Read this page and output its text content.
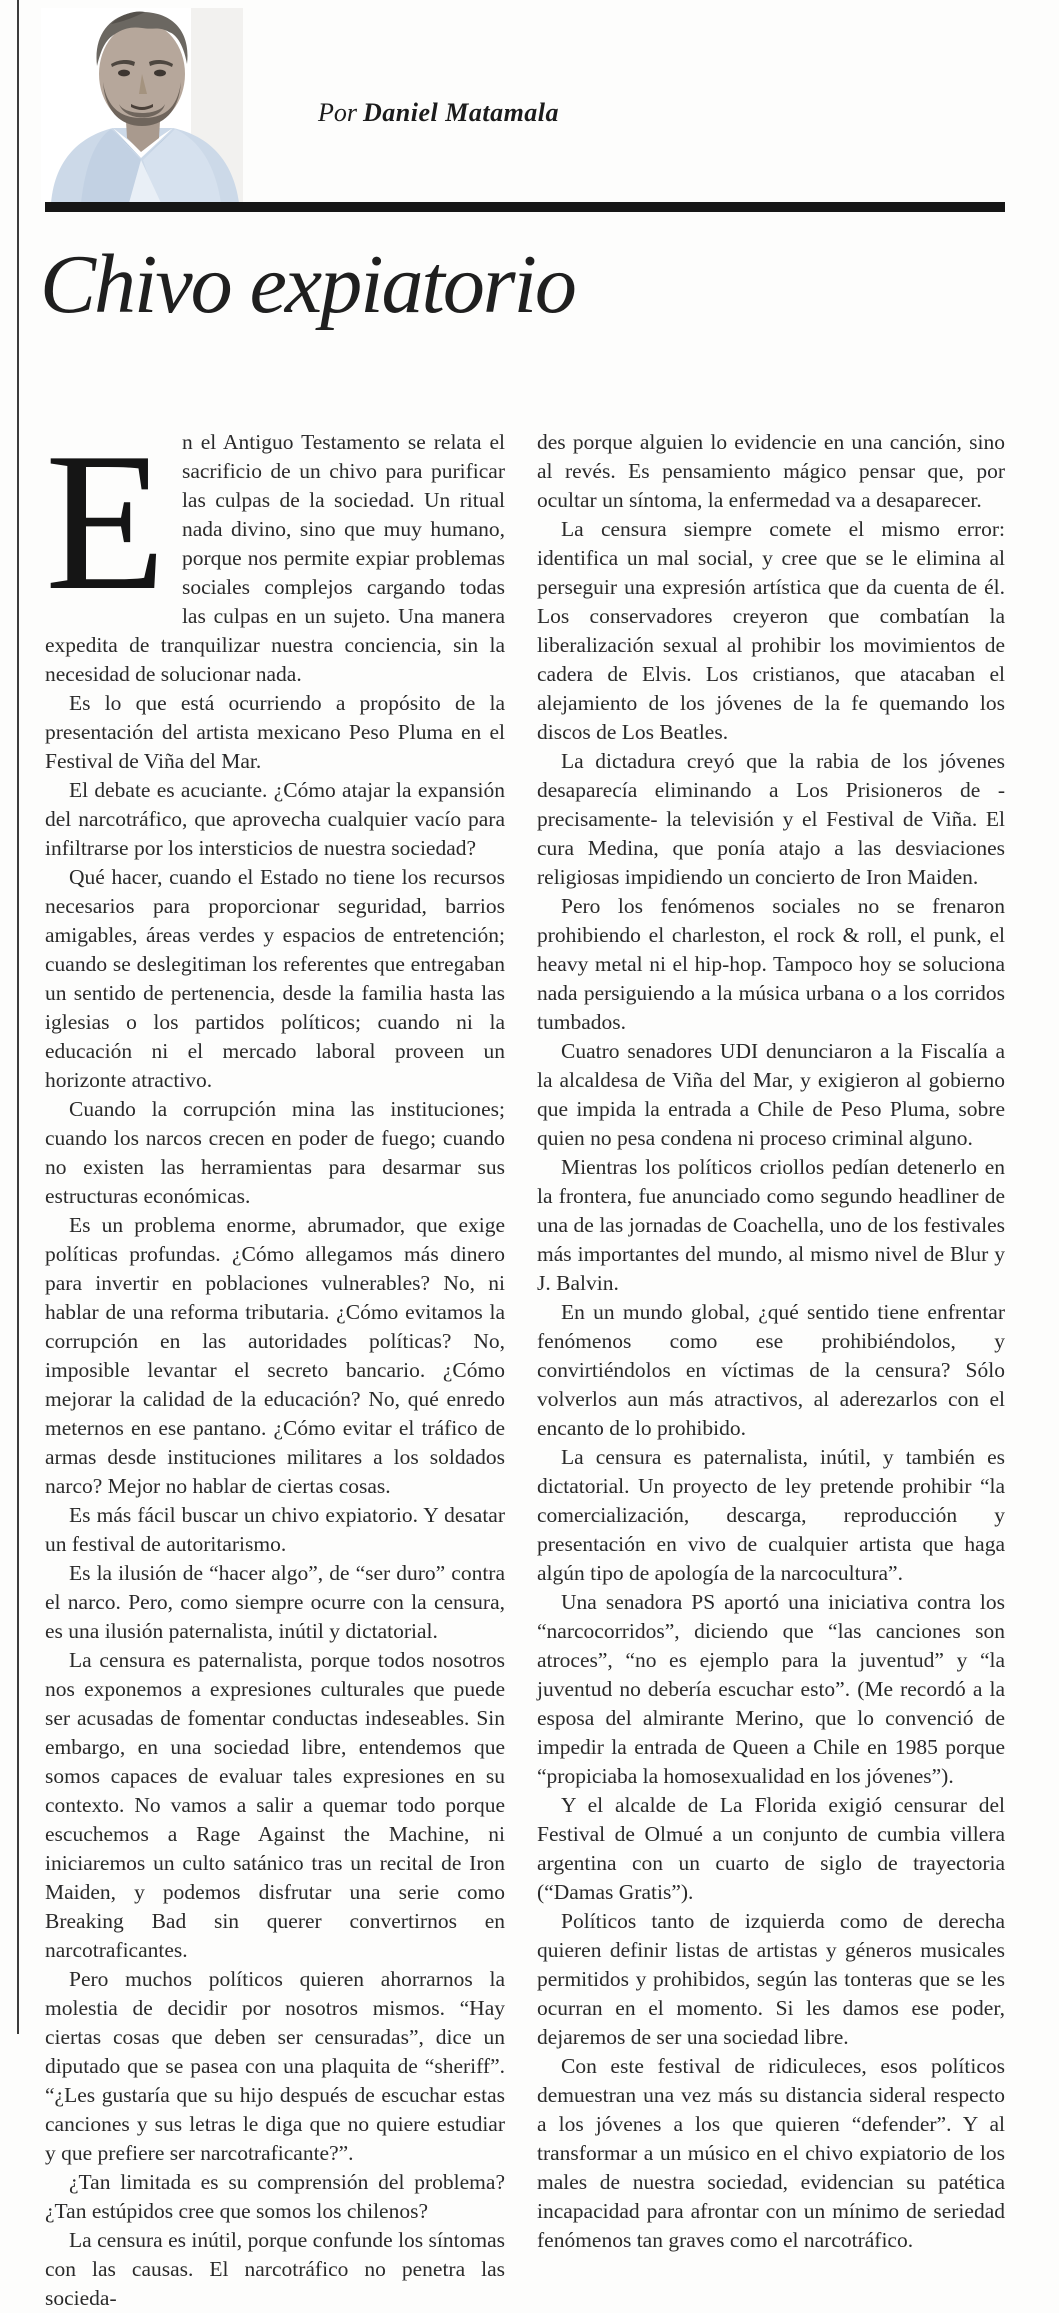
Por Daniel Matamala
Chivo expiatorio

En el Antiguo Testamento se relata el sacrificio de un chivo para purificar las culpas de la sociedad. Un ritual nada divino, sino que muy humano, porque nos permite expiar problemas sociales complejos cargando todas las culpas en un sujeto. Una manera expedita de tranquilizar nuestra conciencia, sin la necesidad de solucionar nada.

Es lo que está ocurriendo a propósito de la presentación del artista mexicano Peso Pluma en el Festival de Viña del Mar.

El debate es acuciante. ¿Cómo atajar la expansión del narcotráfico, que aprovecha cualquier vacío para infiltrarse por los intersticios de nuestra sociedad?

Qué hacer, cuando el Estado no tiene los recursos necesarios para proporcionar seguridad, barrios amigables, áreas verdes y espacios de entretención; cuando se deslegitiman los referentes que entregaban un sentido de pertenencia, desde la familia hasta las iglesias o los partidos políticos; cuando ni la educación ni el mercado laboral proveen un horizonte atractivo.

Cuando la corrupción mina las instituciones; cuando los narcos crecen en poder de fuego; cuando no existen las herramientas para desarmar sus estructuras económicas.

Es un problema enorme, abrumador, que exige políticas profundas. ¿Cómo allegamos más dinero para invertir en poblaciones vulnerables? No, ni hablar de una reforma tributaria. ¿Cómo evitamos la corrupción en las autoridades políticas? No, imposible levantar el secreto bancario. ¿Cómo mejorar la calidad de la educación? No, qué enredo meternos en ese pantano. ¿Cómo evitar el tráfico de armas desde instituciones militares a los soldados narco? Mejor no hablar de ciertas cosas.

Es más fácil buscar un chivo expiatorio. Y desatar un festival de autoritarismo.

Es la ilusión de “hacer algo”, de “ser duro” contra el narco. Pero, como siempre ocurre con la censura, es una ilusión paternalista, inútil y dictatorial.

La censura es paternalista, porque todos nosotros nos exponemos a expresiones culturales que puede ser acusadas de fomentar conductas indeseables. Sin embargo, en una sociedad libre, entendemos que somos capaces de evaluar tales expresiones en su contexto. No vamos a salir a quemar todo porque escuchemos a Rage Against the Machine, ni iniciaremos un culto satánico tras un recital de Iron Maiden, y podemos disfrutar una serie como Breaking Bad sin querer convertirnos en narcotraficantes.

Pero muchos políticos quieren ahorrarnos la molestia de decidir por nosotros mismos. “Hay ciertas cosas que deben ser censuradas”, dice un diputado que se pasea con una plaquita de “sheriff”. “¿Les gustaría que su hijo después de escuchar estas canciones y sus letras le diga que no quiere estudiar y que prefiere ser narcotraficante?”.

¿Tan limitada es su comprensión del problema? ¿Tan estúpidos cree que somos los chilenos?

La censura es inútil, porque confunde los síntomas con las causas. El narcotráfico no penetra las socieda-

des porque alguien lo evidencie en una canción, sino al revés. Es pensamiento mágico pensar que, por ocultar un síntoma, la enfermedad va a desaparecer.

La censura siempre comete el mismo error: identifica un mal social, y cree que se le elimina al perseguir una expresión artística que da cuenta de él. Los conservadores creyeron que combatían la liberalización sexual al prohibir los movimientos de cadera de Elvis. Los cristianos, que atacaban el alejamiento de los jóvenes de la fe quemando los discos de Los Beatles.

La dictadura creyó que la rabia de los jóvenes desaparecía eliminando a Los Prisioneros de -precisamente- la televisión y el Festival de Viña. El cura Medina, que ponía atajo a las desviaciones religiosas impidiendo un concierto de Iron Maiden.

Pero los fenómenos sociales no se frenaron prohibiendo el charleston, el rock & roll, el punk, el heavy metal ni el hip-hop. Tampoco hoy se soluciona nada persiguiendo a la música urbana o a los corridos tumbados.

Cuatro senadores UDI denunciaron a la Fiscalía a la alcaldesa de Viña del Mar, y exigieron al gobierno que impida la entrada a Chile de Peso Pluma, sobre quien no pesa condena ni proceso criminal alguno.

Mientras los políticos criollos pedían detenerlo en la frontera, fue anunciado como segundo headliner de una de las jornadas de Coachella, uno de los festivales más importantes del mundo, al mismo nivel de Blur y J. Balvin.

En un mundo global, ¿qué sentido tiene enfrentar fenómenos como ese prohibiéndolos, y convirtiéndolos en víctimas de la censura? Sólo volverlos aun más atractivos, al aderezarlos con el encanto de lo prohibido.

La censura es paternalista, inútil, y también es dictatorial. Un proyecto de ley pretende prohibir “la comercialización, descarga, reproducción y presentación en vivo de cualquier artista que haga algún tipo de apología de la narcocultura”.

Una senadora PS aportó una iniciativa contra los “narcocorridos”, diciendo que “las canciones son atroces”, “no es ejemplo para la juventud” y “la juventud no debería escuchar esto”. (Me recordó a la esposa del almirante Merino, que lo convenció de impedir la entrada de Queen a Chile en 1985 porque “propiciaba la homosexualidad en los jóvenes”).

Y el alcalde de La Florida exigió censurar del Festival de Olmué a un conjunto de cumbia villera argentina con un cuarto de siglo de trayectoria (“Damas Gratis”).

Políticos tanto de izquierda como de derecha quieren definir listas de artistas y géneros musicales permitidos y prohibidos, según las tonteras que se les ocurran en el momento. Si les damos ese poder, dejaremos de ser una sociedad libre.

Con este festival de ridiculeces, esos políticos demuestran una vez más su distancia sideral respecto a los jóvenes a los que quieren “defender”. Y al transformar a un músico en el chivo expiatorio de los males de nuestra sociedad, evidencian su patética incapacidad para afrontar con un mínimo de seriedad fenómenos tan graves como el narcotráfico.
